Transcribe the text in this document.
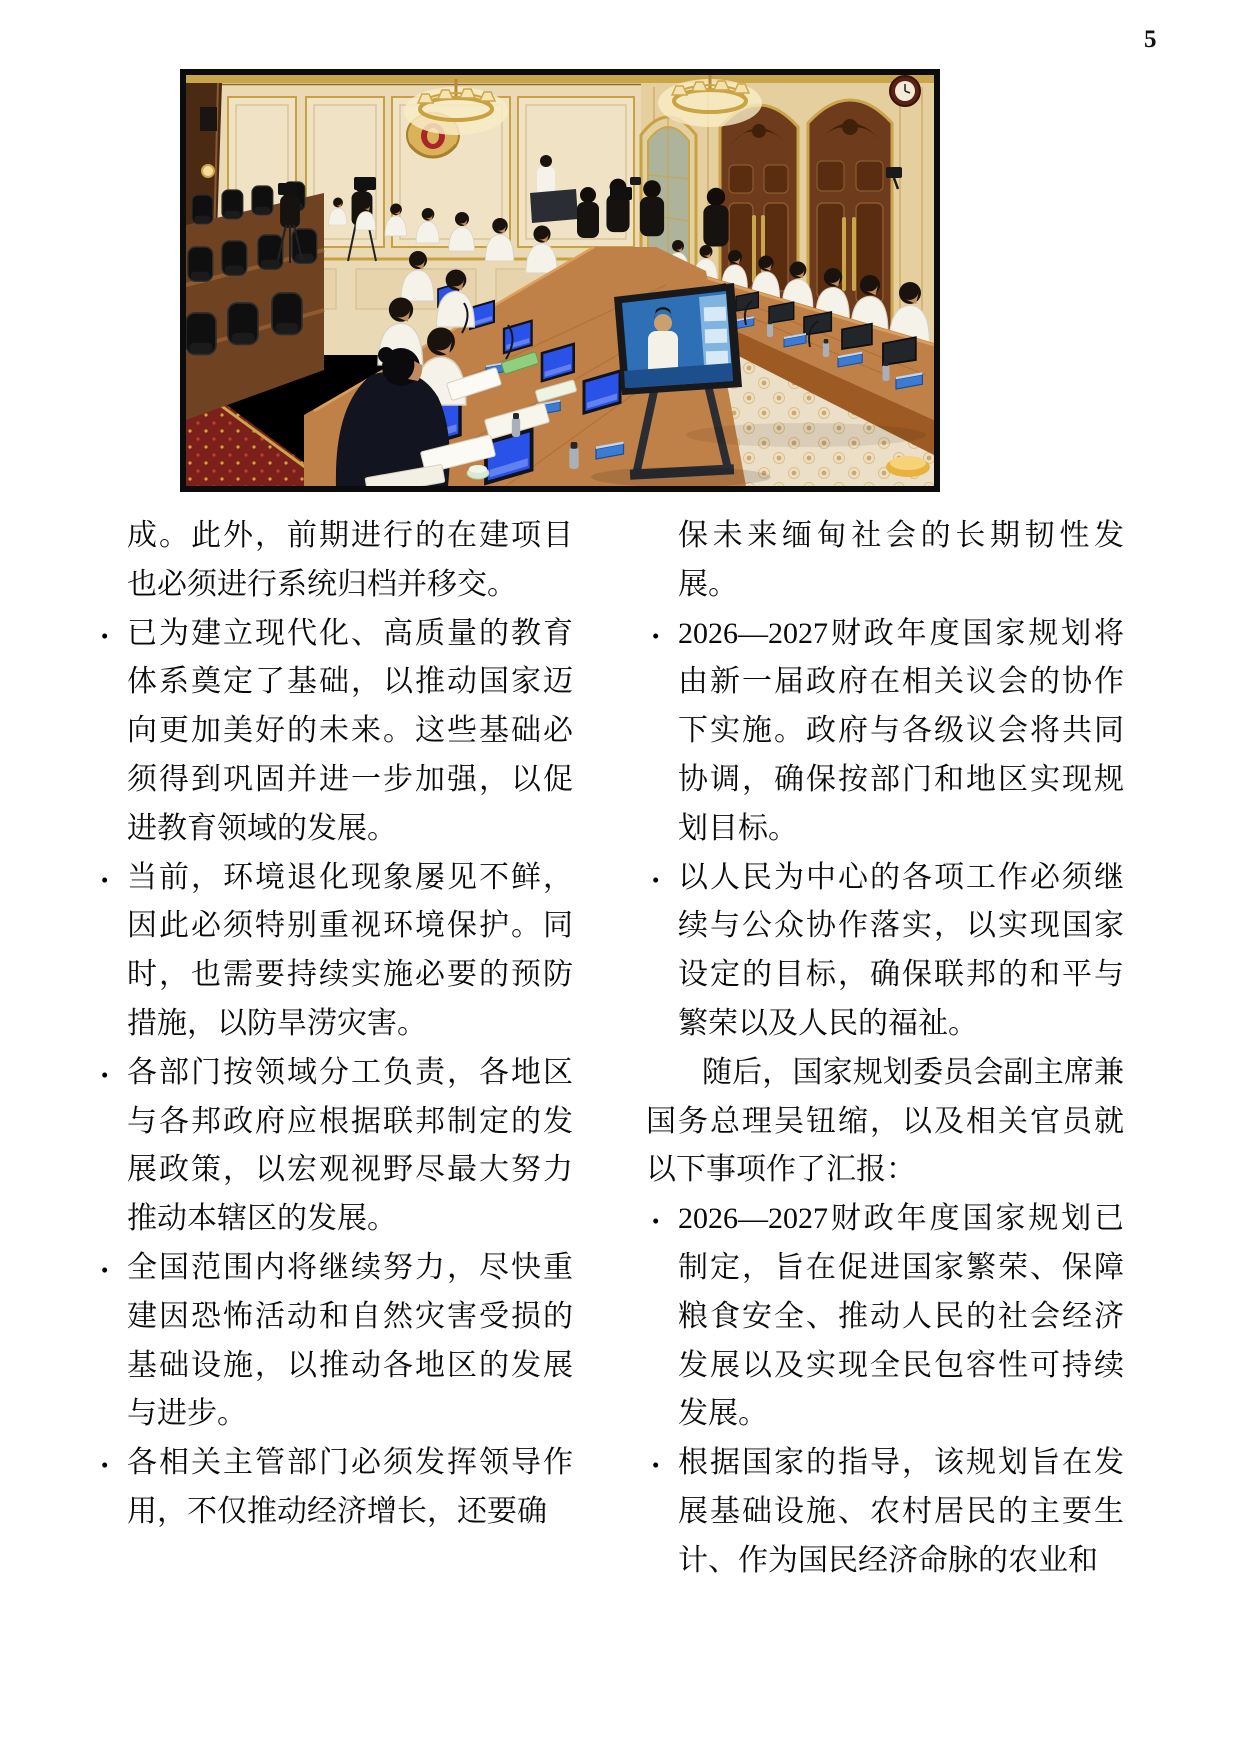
5
成。此外，前期进行的在建项目也必须进行系统归档并移交。
• 已为建立现代化、高质量的教育体系奠定了基础，以推动国家迈向更加美好的未来。这些基础必须得到巩固并进一步加强，以促进教育领域的发展。
• 当前，环境退化现象屡见不鲜，因此必须特别重视环境保护。同时，也需要持续实施必要的预防措施，以防旱涝灾害。
• 各部门按领域分工负责，各地区与各邦政府应根据联邦制定的发展政策，以宏观视野尽最大努力推动本辖区的发展。
• 全国范围内将继续努力，尽快重建因恐怖活动和自然灾害受损的基础设施，以推动各地区的发展与进步。
• 各相关主管部门必须发挥领导作用，不仅推动经济增长，还要确
保未来缅甸社会的长期韧性发展。
• 2026—2027财政年度国家规划将由新一届政府在相关议会的协作下实施。政府与各级议会将共同协调，确保按部门和地区实现规划目标。
• 以人民为中心的各项工作必须继续与公众协作落实，以实现国家设定的目标，确保联邦的和平与繁荣以及人民的福祉。
随后，国家规划委员会副主席兼国务总理吴钮缩，以及相关官员就以下事项作了汇报：
• 2026—2027财政年度国家规划已制定，旨在促进国家繁荣、保障粮食安全、推动人民的社会经济发展以及实现全民包容性可持续发展。
• 根据国家的指导，该规划旨在发展基础设施、农村居民的主要生计、作为国民经济命脉的农业和
